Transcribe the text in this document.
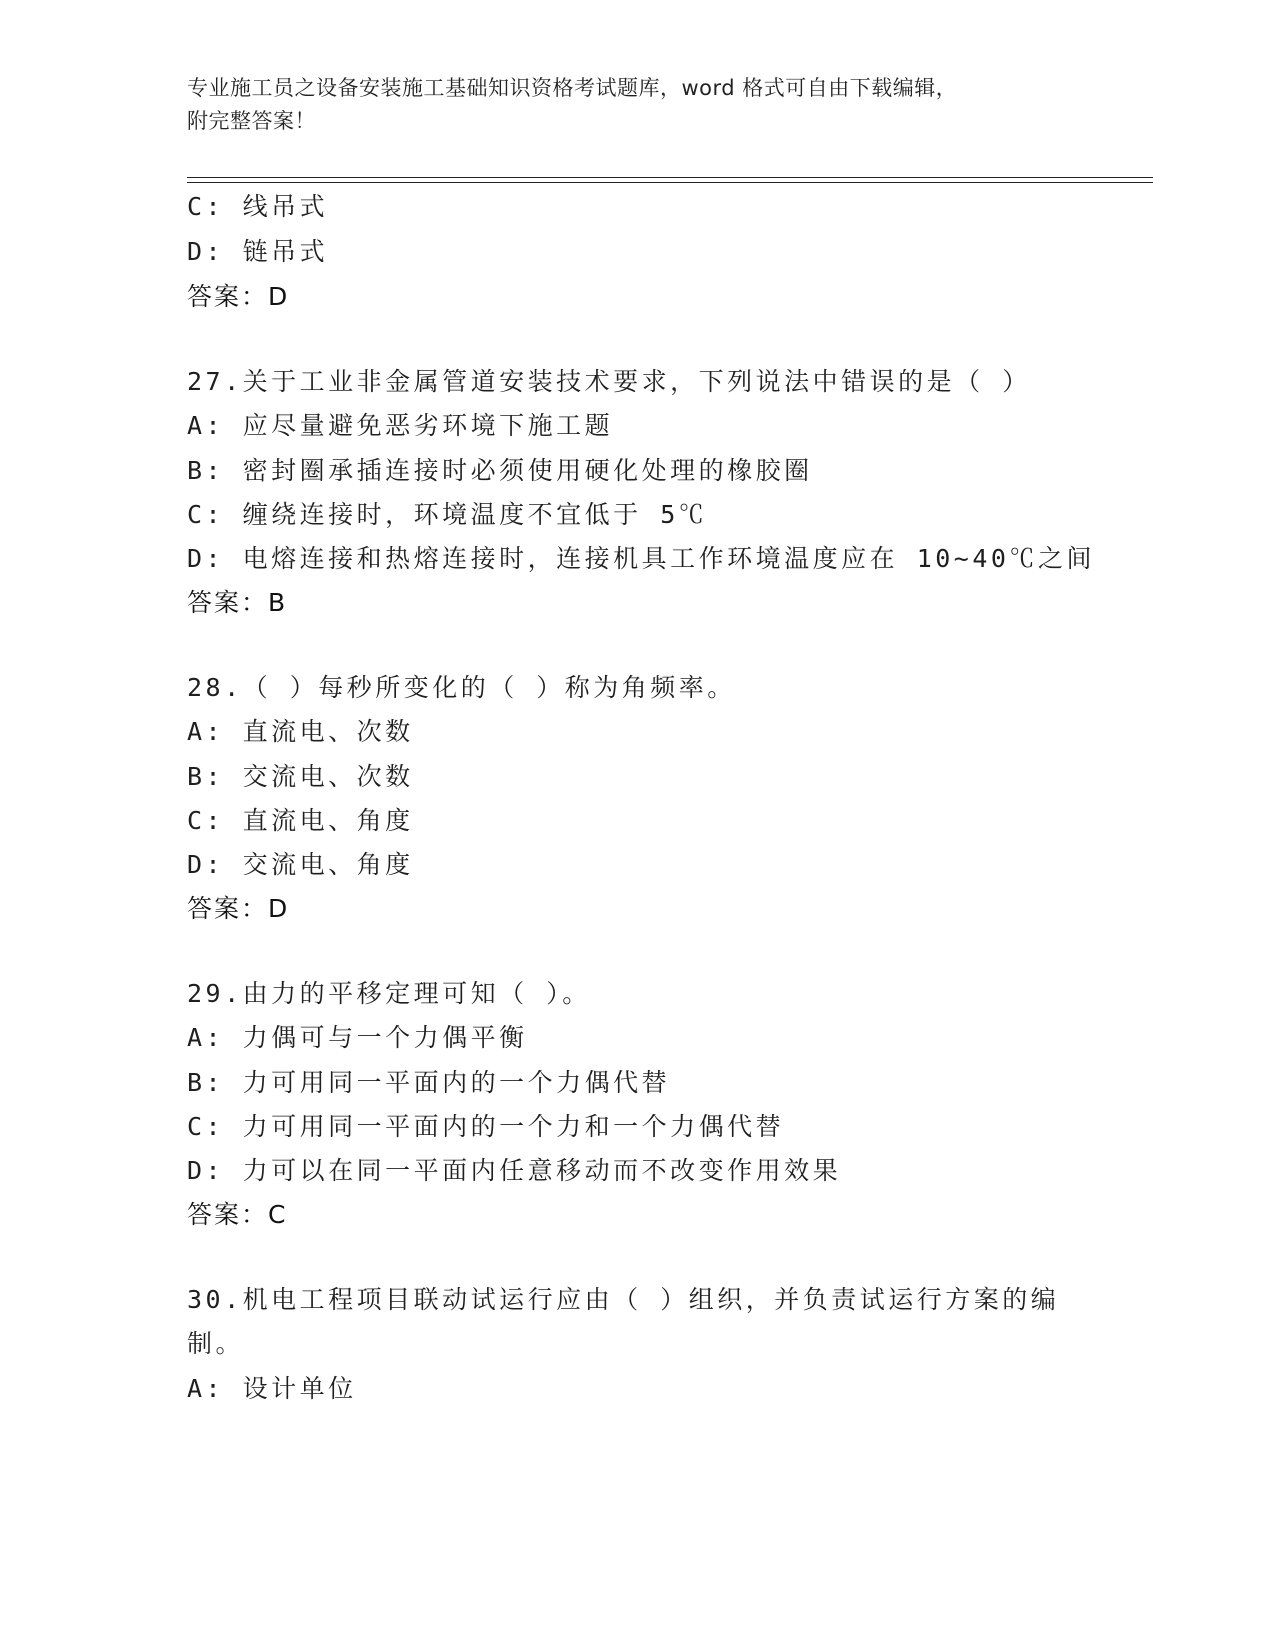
专业施工员之设备安装施工基础知识资格考试题库，word 格式可自由下载编辑，
附完整答案！
C: 线吊式
D: 链吊式
答案：D
27.关于工业非金属管道安装技术要求，下列说法中错误的是（ ）
A: 应尽量避免恶劣环境下施工题
B: 密封圈承插连接时必须使用硬化处理的橡胶圈
C: 缠绕连接时，环境温度不宜低于 5℃
D: 电熔连接和热熔连接时，连接机具工作环境温度应在 10~40℃之间
答案：B
28.（ ）每秒所变化的（ ）称为角频率。
A: 直流电、次数
B: 交流电、次数
C: 直流电、角度
D: 交流电、角度
答案：D
29.由力的平移定理可知（ ）。
A: 力偶可与一个力偶平衡
B: 力可用同一平面内的一个力偶代替
C: 力可用同一平面内的一个力和一个力偶代替
D: 力可以在同一平面内任意移动而不改变作用效果
答案：C
30.机电工程项目联动试运行应由（ ）组织，并负责试运行方案的编
制。
A: 设计单位
